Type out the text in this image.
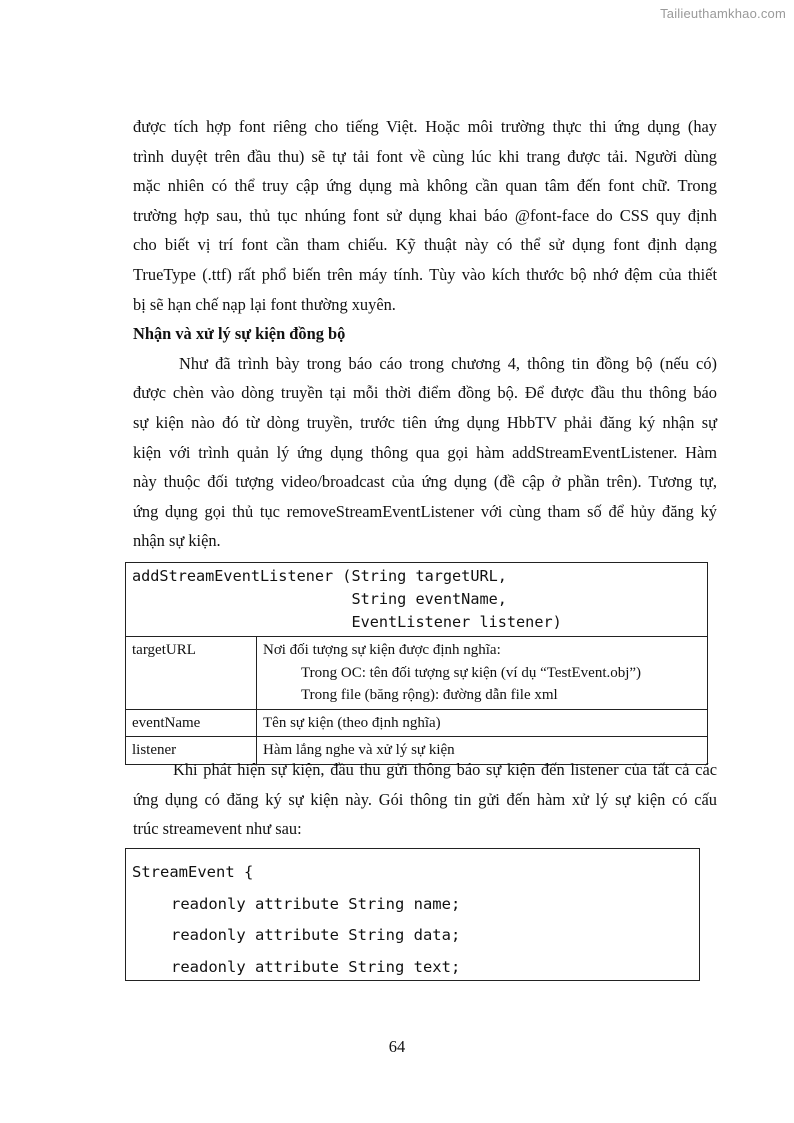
Tailieuthamkhao.com
được tích hợp font riêng cho tiếng Việt. Hoặc môi trường thực thi ứng dụng (hay
trình duyệt trên đầu thu) sẽ tự tải font về cùng lúc khi trang được tải. Người dùng
mặc nhiên có thể truy cập ứng dụng mà không cần quan tâm đến font chữ. Trong
trường hợp sau, thủ tục nhúng font sử dụng khai báo @font-face do CSS quy định
cho biết vị trí font cần tham chiếu. Kỹ thuật này có thể sử dụng font định dạng
TrueType (.ttf) rất phổ biến trên máy tính. Tùy vào kích thước bộ nhớ đệm của thiết
bị sẽ hạn chế nạp lại font thường xuyên.
Nhận và xử lý sự kiện đồng bộ
Như đã trình bày trong báo cáo trong chương 4, thông tin đồng bộ (nếu có)
được chèn vào dòng truyền tại mỗi thời điểm đồng bộ. Để được đầu thu thông báo
sự kiện nào đó từ dòng truyền, trước tiên ứng dụng HbbTV phải đăng ký nhận sự
kiện với trình quản lý ứng dụng thông qua gọi hàm addStreamEventListener. Hàm
này thuộc đối tượng video/broadcast của ứng dụng (đề cập ở phần trên). Tương tự,
ứng dụng gọi thủ tục removeStreamEventListener với cùng tham số để hủy đăng ký
nhận sự kiện.
addStreamEventListener (String targetURL,
String eventName,
EventListener listener)	
targetURL	Nơi đối tượng sự kiện được định nghĩa:
Trong OC: tên đối tượng sự kiện (ví dụ “TestEvent.obj”)
Trong file (băng rộng): đường dẫn file xml

eventName	Tên sự kiện (theo định nghĩa)
listener	Hàm lắng nghe và xử lý sự kiện
Khi phát hiện sự kiện, đầu thu gửi thông báo sự kiện đến listener của tất cả các
ứng dụng có đăng ký sự kiện này. Gói thông tin gửi đến hàm xử lý sự kiện có cấu
trúc streamevent như sau:
StreamEvent {
readonly attribute String name;
readonly attribute String data;
readonly attribute String text;
64
